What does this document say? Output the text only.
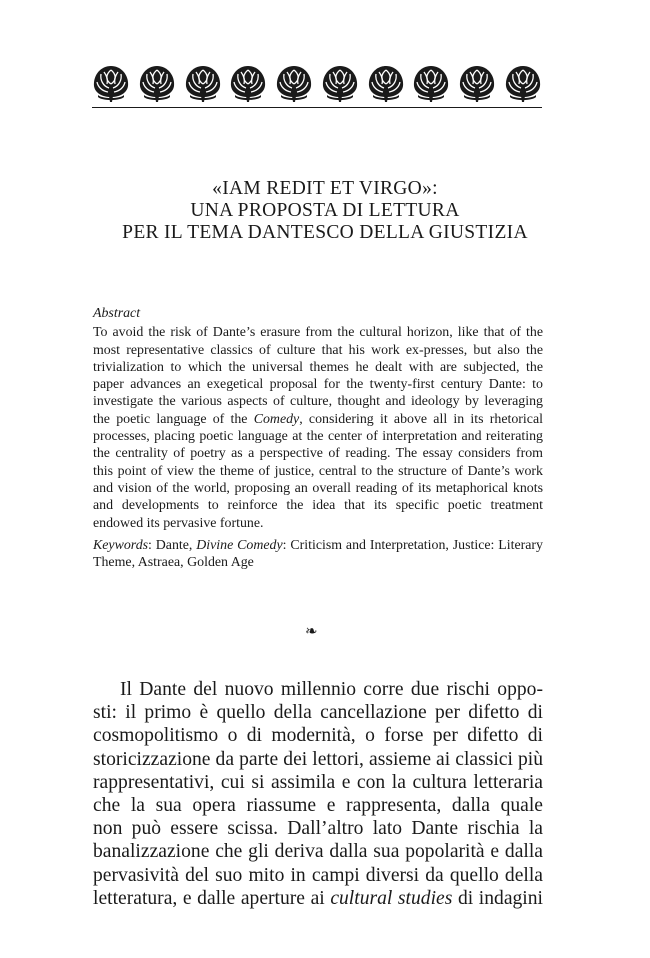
«IAM REDIT ET VIRGO»:
UNA PROPOSTA DI LETTURA
PER IL TEMA DANTESCO DELLA GIUSTIZIA

Abstract

To avoid the risk of Dante’s erasure from the cultural horizon, like that of the most representative classics of culture that his work ex-presses, but also the trivialization to which the universal themes he dealt with are subjected, the paper advances an exegetical proposal for the twenty-first century Dante: to investigate the various aspects of culture, thought and ideology by leveraging the poetic language of the Comedy, considering it above all in its rhetorical processes, placing poetic language at the center of interpretation and reiterating the centrality of poetry as a perspective of reading. The essay considers from this point of view the theme of justice, central to the structure of Dante’s work and vision of the world, proposing an overall reading of its metaphorical knots and developments to reinforce the idea that its specific poetic treatment endowed its pervasive fortune.

Keywords: Dante, Divine Comedy: Criticism and Interpretation, Justice: Literary Theme, Astraea, Golden Age

❧
Il Dante del nuovo millennio corre due rischi oppo-
sti: il primo è quello della cancellazione per difetto di
cosmopolitismo o di modernità, o forse per difetto di
storicizzazione da parte dei lettori, assieme ai classici più
rappresentativi, cui si assimila e con la cultura letteraria
che la sua opera riassume e rappresenta, dalla quale
non può essere scissa. Dall’altro lato Dante rischia la
banalizzazione che gli deriva dalla sua popolarità e dalla
pervasività del suo mito in campi diversi da quello della
letteratura, e dalle aperture ai cultural studies di indagini
